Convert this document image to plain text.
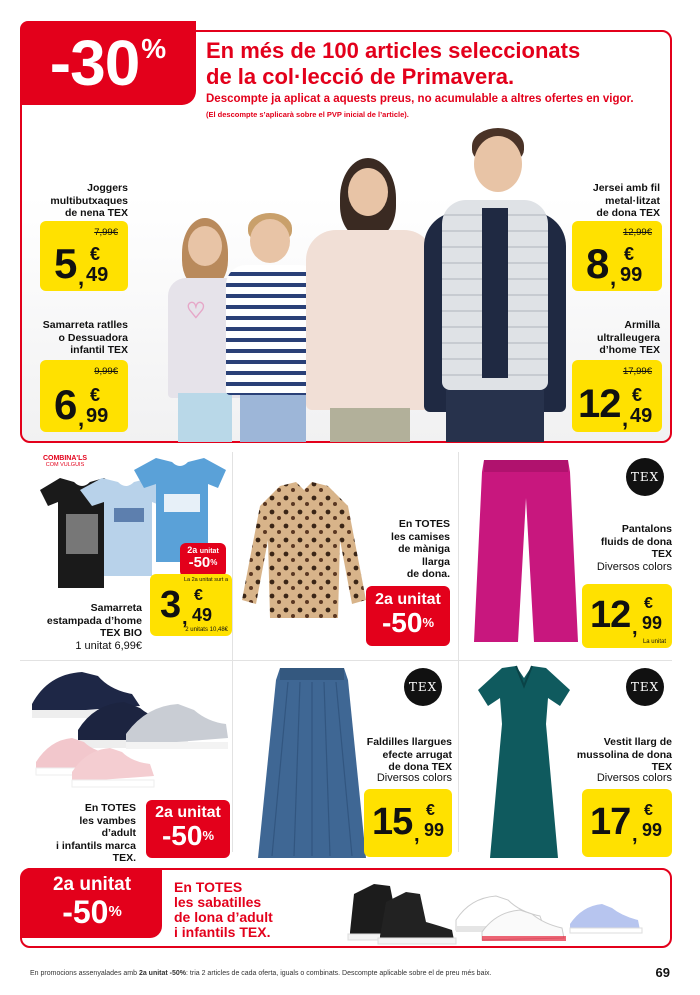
♡
-30 % En més de 100 articles seleccionats
de la col·lecció de Primavera.
Descompte ja aplicat a aquests preus, no acumulable a altres ofertes en vigor.
(El descompte s’aplicarà sobre el PVP inicial de l’article).
Joggers
multibutxaques
de nena TEX
7,99€
5 ,
€
49
Samarreta ratlles
o Dessuadora
infantil TEX
9,99€
6 ,
€
99
Jersei amb fil
metal·litzat
de dona TEX
12,99€
8 ,
€
99
Armilla
ultralleugera
d’home TEX
17,99€
12 ,
€
49
COMBINA'LS
COM VULGUIS
2a unitat
-50%
La 2a unitat surt a
3 ,
€
49
2 unitats 10,48€
Samarreta
estampada d’home
TEX BIO
1 unitat 6,99€
En TOTES
les camises
de màniga
llarga
de dona.
2a unitat
-50%
TEX
Pantalons
fluids de dona
TEX
Diversos colors
12 ,
€
99
La unitat
En TOTES
les vambes
d’adult
i infantils marca
TEX.
2a unitat
-50%
TEX
Faldilles llargues
efecte arrugat
de dona TEX
Diversos colors
15 ,
€
99
TEX
Vestit llarg de
mussolina de dona
TEX
Diversos colors
17 ,
€
99
2a unitat
-50%
En TOTES
les sabatilles
de lona d’adult
i infantils TEX.
En promocions assenyalades amb 2a unitat -50%: tria 2 articles de cada oferta, iguals o combinats. Descompte aplicable sobre el de preu més baix.	69
